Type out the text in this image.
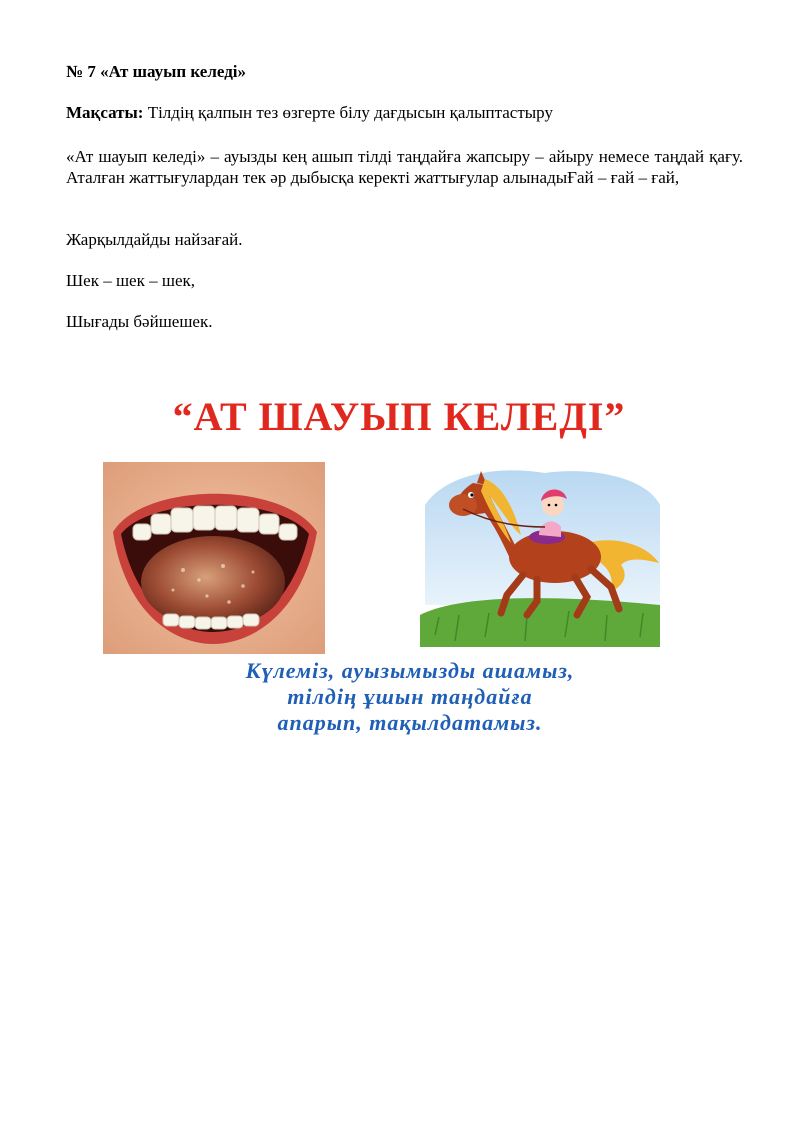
№ 7 «Ат шауып келеді»
Мақсаты: Тілдің қалпын тез өзгерте білу дағдысын қалыптастыру
«Ат шауып келеді» – ауызды кең ашып тілді таңдайға жапсыру – айыру немесе таңдай қағу. Аталған жаттығулардан тек әр дыбысқа керекті жаттығулар алынадыҒай – ғай – ғай,
Жарқылдайды найзағай.
Шек – шек – шек,
Шығады бәйшешек.
“АТ ШАУЫП КЕЛЕДІ”
Күлеміз, ауызымызды ашамыз,
тілдің ұшын таңдайға
апарып, тақылдатамыз.
